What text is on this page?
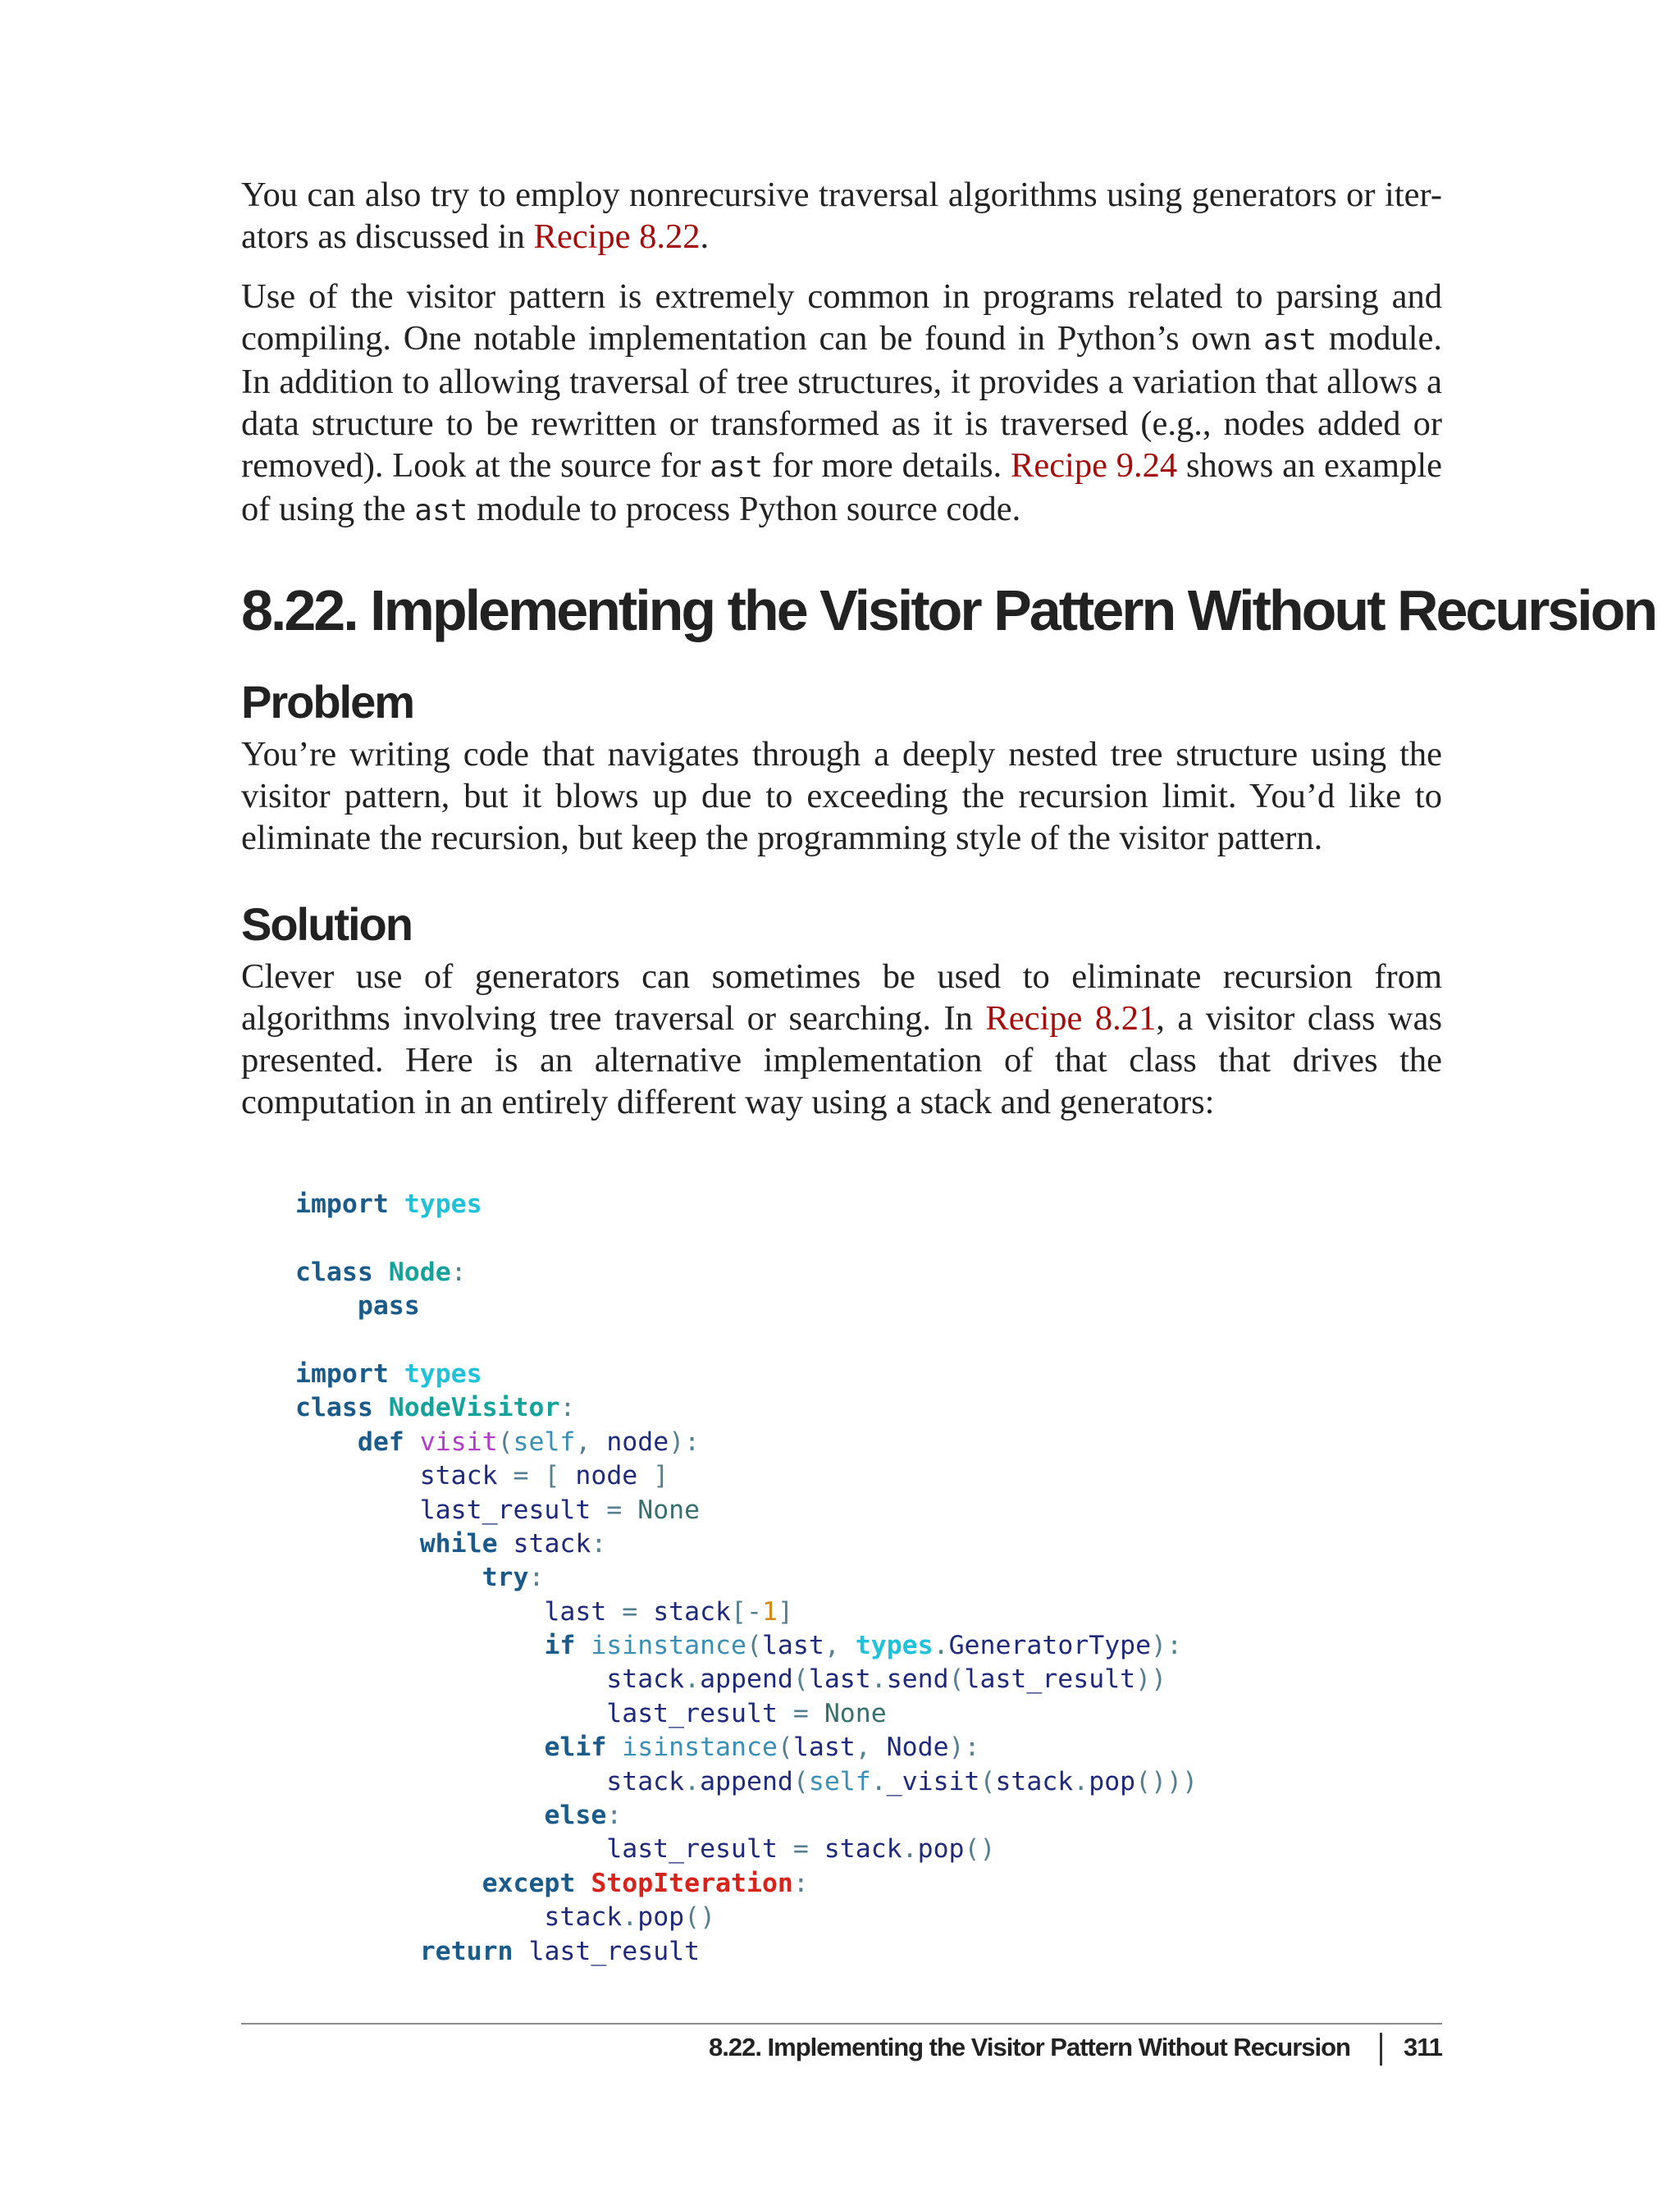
You can also try to employ nonrecursive traversal algorithms using generators or iter-ators as discussed in Recipe 8.22.

Use of the visitor pattern is extremely common in programs related to parsing and compiling. One notable implementation can be found in Python’s own ast module. In addition to allowing traversal of tree structures, it provides a variation that allows a data structure to be rewritten or transformed as it is traversed (e.g., nodes added or removed). Look at the source for ast for more details. Recipe 9.24 shows an example of using the ast module to process Python source code.

8.22. Implementing the Visitor Pattern Without Recursion
Problem

You’re writing code that navigates through a deeply nested tree structure using the visitor pattern, but it blows up due to exceeding the recursion limit. You’d like to eliminate the recursion, but keep the programming style of the visitor pattern.

Solution

Clever use of generators can sometimes be used to eliminate recursion from algorithms involving tree traversal or searching. In Recipe 8.21, a visitor class was presented. Here is an alternative implementation of that class that drives the computation in an entirely different way using a stack and generators:

import types
class Node:
pass
import types
class NodeVisitor:
def visit(self, node):
stack = [ node ]
last_result = None
while stack:
try:
last = stack[-1]
if isinstance(last, types.GeneratorType):
stack.append(last.send(last_result))
last_result = None
elif isinstance(last, Node):
stack.append(self._visit(stack.pop()))
else:
last_result = stack.pop()
except StopIteration:
stack.pop()
return last_result
8.22. Implementing the Visitor Pattern Without Recursion 311
